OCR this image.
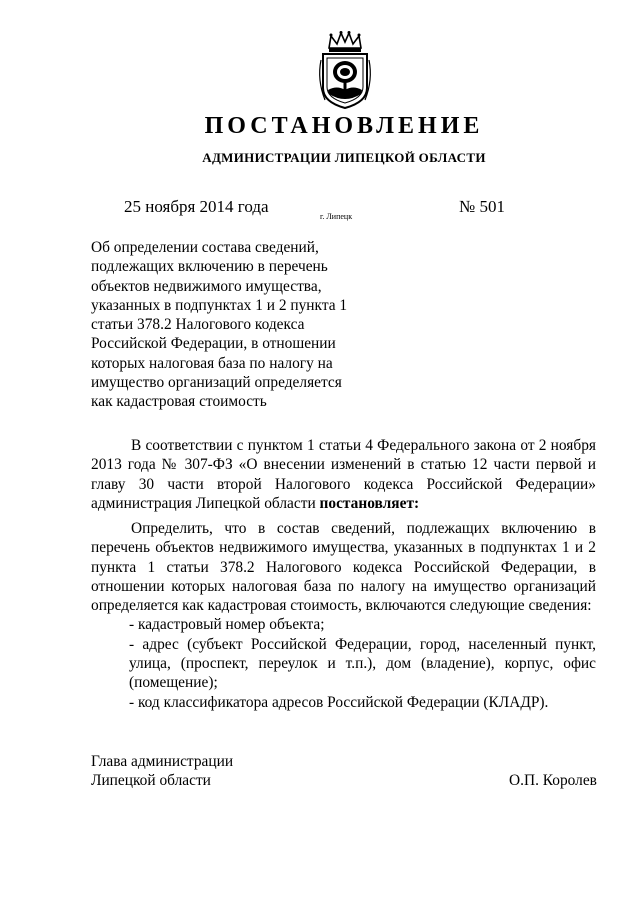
ПОСТАНОВЛЕНИЕ
АДМИНИСТРАЦИИ ЛИПЕЦКОЙ ОБЛАСТИ
25 ноября 2014 года
г. Липецк
№ 501
Об определении состава сведений,
подлежащих включению в перечень
объектов недвижимого имущества,
указанных в подпунктах 1 и 2 пункта 1
статьи 378.2 Налогового кодекса
Российской Федерации, в отношении
которых налоговая база по налогу на
имущество организаций определяется
как кадастровая стоимость
В соответствии с пунктом 1 статьи 4 Федерального закона от 2 ноября 2013 года № 307-ФЗ «О внесении изменений в статью 12 части первой и главу 30 части второй Налогового кодекса Российской Федерации» администрация Липецкой области постановляет:
Определить, что в состав сведений, подлежащих включению в перечень объектов недвижимого имущества, указанных в подпунктах 1 и 2 пункта 1 статьи 378.2 Налогового кодекса Российской Федерации, в отношении которых налоговая база по налогу на имущество организаций определяется как кадастровая стоимость, включаются следующие сведения:
- кадастровый номер объекта;
- адрес (субъект Российской Федерации, город, населенный пункт, улица, (проспект, переулок и т.п.), дом (владение), корпус, офис (помещение);
- код классификатора адресов Российской Федерации (КЛАДР).
Глава администрации
Липецкой области	О.П. Королев
